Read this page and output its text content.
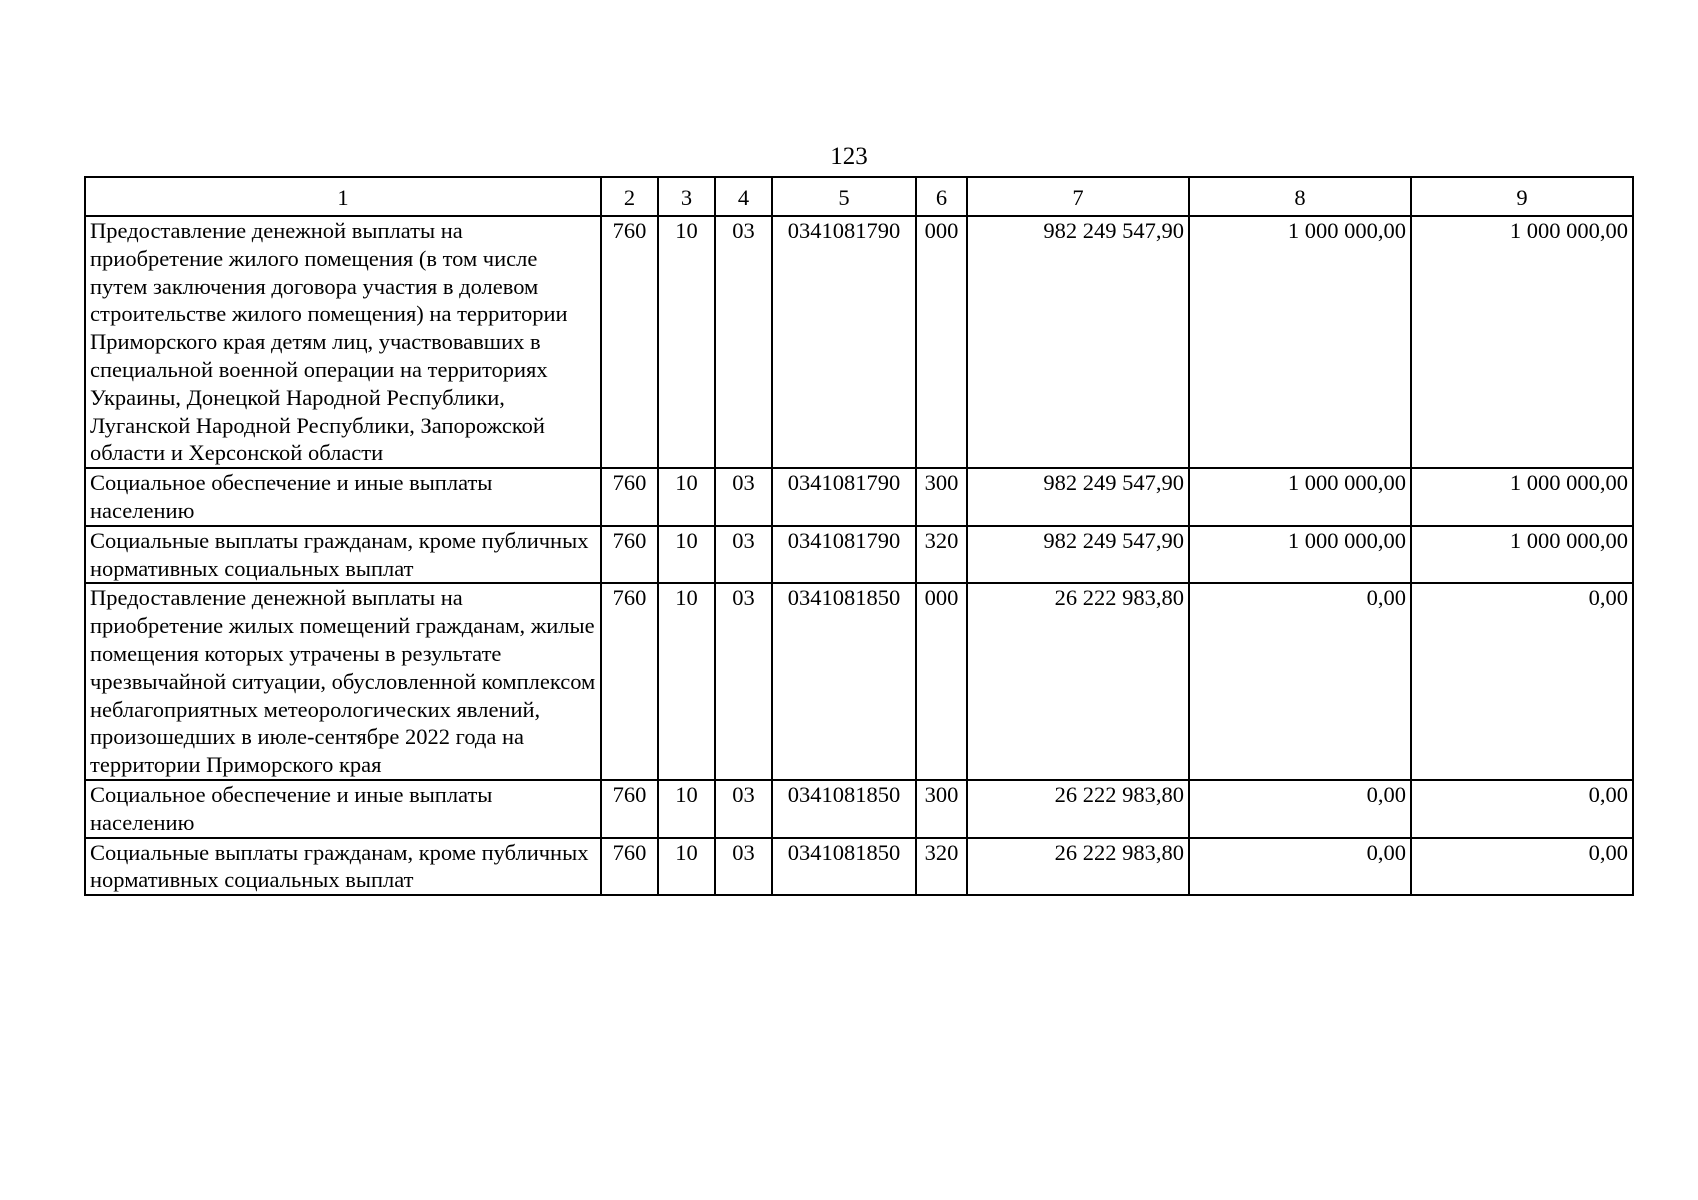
123
1	2	3	4	5	6	7	8	9
Предоставление денежной выплаты на приобретение жилого помещения (в том числе путем заключения договора участия в долевом строительстве жилого помещения) на территории Приморского края детям лиц, участвовавших в специальной военной операции на территориях Украины, Донецкой Народной Республики, Луганской Народной Республики, Запорожской области и Херсонской области	760	10	03	0341081790	000	982 249 547,90	1 000 000,00	1 000 000,00
Социальное обеспечение и иные выплаты населению	760	10	03	0341081790	300	982 249 547,90	1 000 000,00	1 000 000,00
Социальные выплаты гражданам, кроме публичных нормативных социальных выплат	760	10	03	0341081790	320	982 249 547,90	1 000 000,00	1 000 000,00
Предоставление денежной выплаты на приобретение жилых помещений гражданам, жилые помещения которых утрачены в результате чрезвычайной ситуации, обусловленной комплексом неблагоприятных метеорологических явлений, произошедших в июле-сентябре 2022 года на территории Приморского края	760	10	03	0341081850	000	26 222 983,80	0,00	0,00
Социальное обеспечение и иные выплаты населению	760	10	03	0341081850	300	26 222 983,80	0,00	0,00
Социальные выплаты гражданам, кроме публичных нормативных социальных выплат	760	10	03	0341081850	320	26 222 983,80	0,00	0,00
